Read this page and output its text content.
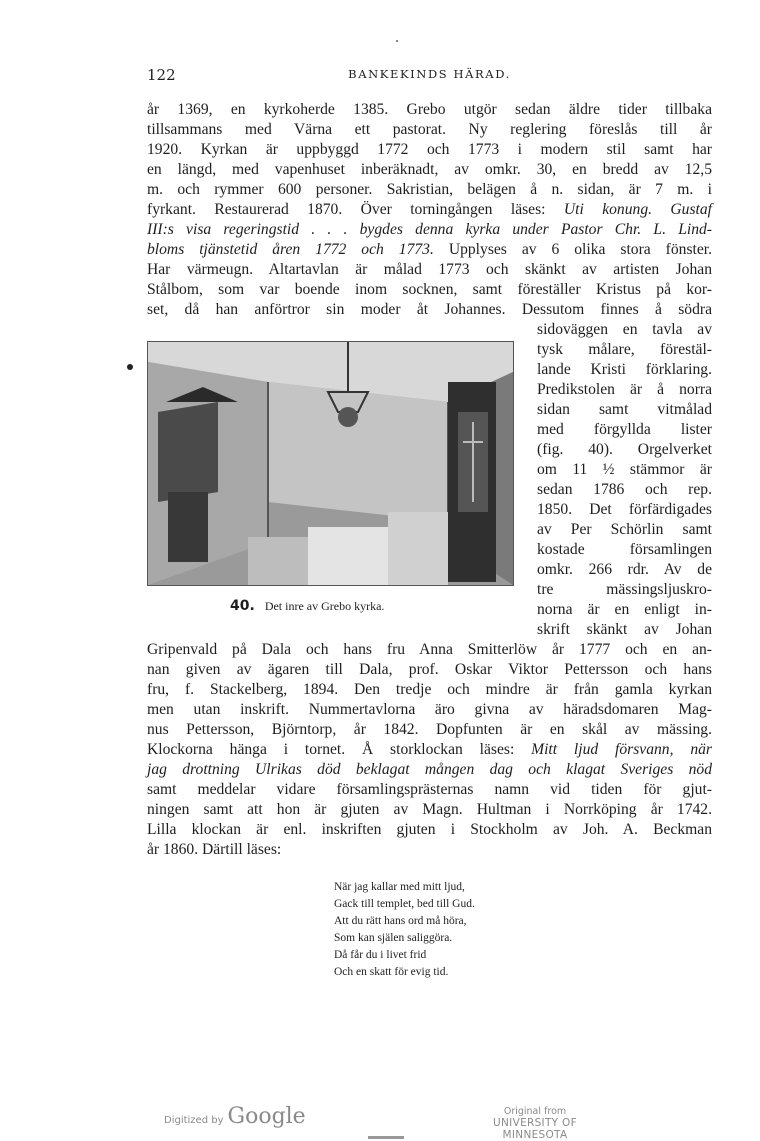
122	BANKEKINDS HÄRAD.
år 1369, en kyrkoherde 1385. Grebo utgör sedan äldre tider tillbaka
tillsammans med Värna ett pastorat. Ny reglering föreslås till år
1920. Kyrkan är uppbyggd 1772 och 1773 i modern stil samt har
en längd, med vapenhuset inberäknadt, av omkr. 30, en bredd av 12,5
m. och rymmer 600 personer. Sakristian, belägen å n. sidan, är 7 m. i
fyrkant. Restaurerad 1870. Över torningången läses: Uti konung. Gustaf
III:s visa regeringstid . . . bygdes denna kyrka under Pastor Chr. L. Lind-
bloms tjänstetid åren 1772 och 1773. Upplyses av 6 olika stora fönster.
Har värmeugn. Altartavlan är målad 1773 och skänkt av artisten Johan
Stålbom, som var boende inom socknen, samt föreställer Kristus på kor-
set, då han anförtror sin moder åt Johannes. Dessutom finnes å södra
40. Det inre av Grebo kyrka.
sidoväggen en tavla av
tysk målare, förestäl-
lande Kristi förklaring.
Predikstolen är å norra
sidan samt vitmålad
med förgyllda lister
(fig. 40). Orgelverket
om 11 ½ stämmor är
sedan 1786 och rep.
1850. Det förfärdigades
av Per Schörlin samt
kostade församlingen
omkr. 266 rdr. Av de
tre mässingsljuskro-
norna är en enligt in-
skrift skänkt av Johan
Gripenvald på Dala och hans fru Anna Smitterlöw år 1777 och en an-
nan given av ägaren till Dala, prof. Oskar Viktor Pettersson och hans
fru, f. Stackelberg, 1894. Den tredje och mindre är från gamla kyrkan
men utan inskrift. Nummertavlorna äro givna av häradsdomaren Mag-
nus Pettersson, Björntorp, år 1842. Dopfunten är en skål av mässing.
Klockorna hänga i tornet. Å storklockan läses: Mitt ljud försvann, när
jag drottning Ulrikas död beklagat mången dag och klagat Sveriges nöd
samt meddelar vidare församlingsprästernas namn vid tiden för gjut-
ningen samt att hon är gjuten av Magn. Hultman i Norrköping år 1742.
Lilla klockan är enl. inskriften gjuten i Stockholm av Joh. A. Beckman
år 1860. Därtill läses:
När jag kallar med mitt ljud,
Gack till templet, bed till Gud.
Att du rätt hans ord må höra,
Som kan själen saliggöra.
Då får du i livet frid
Och en skatt för evig tid.
Digitized by Google	Original from
UNIVERSITY OF MINNESOTA
